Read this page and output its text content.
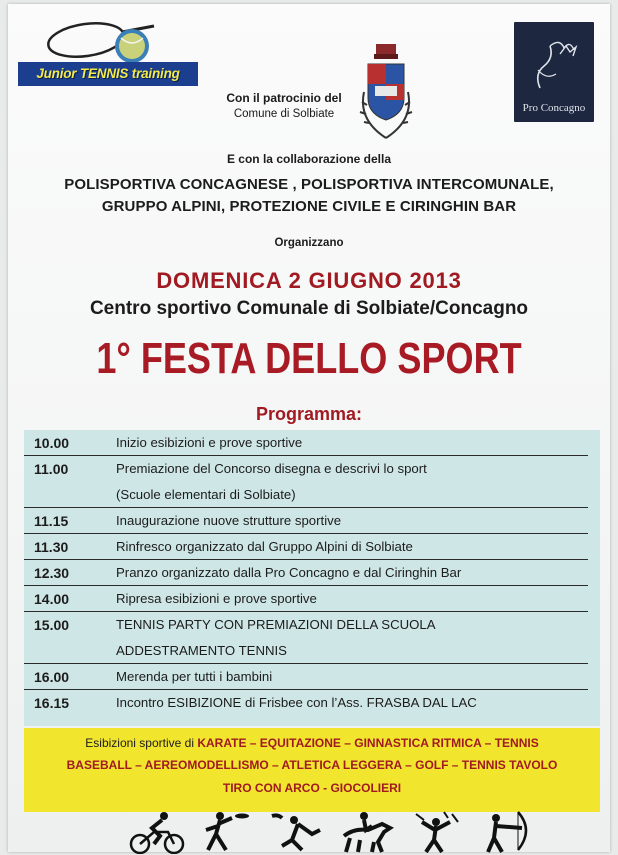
Junior TENNIS training
Pro Concagno
Con il patrocinio del
Comune di Solbiate
E con la collaborazione della
POLISPORTIVA CONCAGNESE , POLISPORTIVA INTERCOMUNALE,
GRUPPO ALPINI, PROTEZIONE CIVILE E CIRINGHIN BAR
Organizzano
DOMENICA 2 GIUGNO 2013
Centro sportivo Comunale di Solbiate/Concagno
1° FESTA DELLO SPORT
Programma:
10.00	Inizio esibizioni e prove sportive
11.00	Premiazione del Concorso disegna e descrivi lo sport
(Scuole elementari di Solbiate)
11.15	Inaugurazione nuove strutture sportive
11.30	Rinfresco organizzato dal Gruppo Alpini di Solbiate
12.30	Pranzo organizzato dalla Pro Concagno e dal Ciringhin Bar
14.00	Ripresa esibizioni e prove sportive
15.00	TENNIS PARTY CON PREMIAZIONI DELLA SCUOLA
ADDESTRAMENTO TENNIS
16.00	Merenda per tutti i bambini
16.15	Incontro ESIBIZIONE di Frisbee con l’Ass. FRASBA DAL LAC
Esibizioni sportive di KARATE – EQUITAZIONE – GINNASTICA RITMICA – TENNIS
BASEBALL – AEREOMODELLISMO – ATLETICA LEGGERA – GOLF – TENNIS TAVOLO
TIRO CON ARCO - GIOCOLIERI
